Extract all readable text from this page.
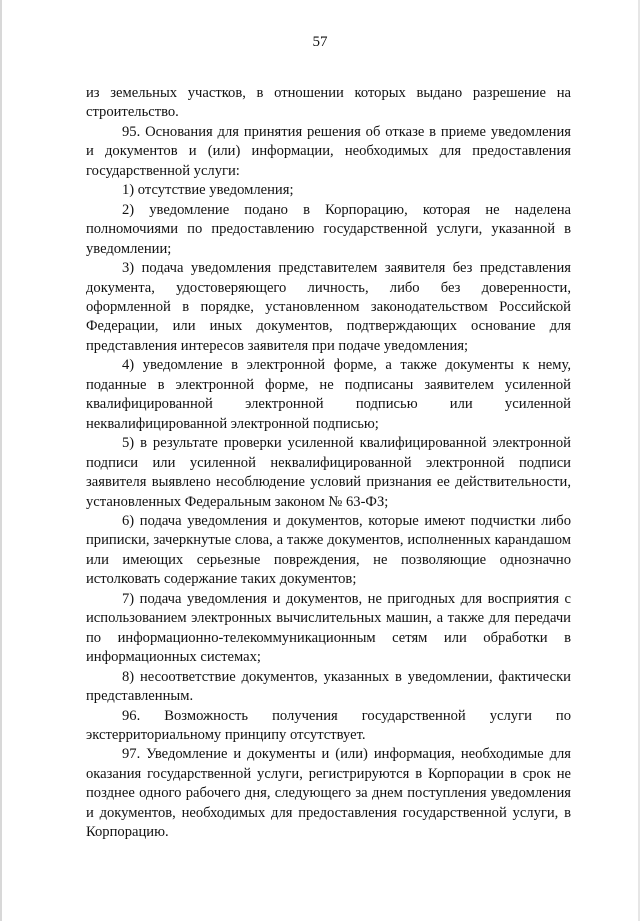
57

из земельных участков, в отношении которых выдано разрешение на строительство.

95. Основания для принятия решения об отказе в приеме уведомления и документов и (или) информации, необходимых для предоставления государственной услуги:

1) отсутствие уведомления;

2) уведомление подано в Корпорацию, которая не наделена полномочиями по предоставлению государственной услуги, указанной в уведомлении;

3) подача уведомления представителем заявителя без представления документа, удостоверяющего личность, либо без доверенности, оформленной в порядке, установленном законодательством Российской Федерации, или иных документов, подтверждающих основание для представления интересов заявителя при подаче уведомления;

4) уведомление в электронной форме, а также документы к нему, поданные в электронной форме, не подписаны заявителем усиленной квалифицированной электронной подписью или усиленной неквалифицированной электронной подписью;

5) в результате проверки усиленной квалифицированной электронной подписи или усиленной неквалифицированной электронной подписи заявителя выявлено несоблюдение условий признания ее действительности, установленных Федеральным законом № 63-ФЗ;

6) подача уведомления и документов, которые имеют подчистки либо приписки, зачеркнутые слова, а также документов, исполненных карандашом или имеющих серьезные повреждения, не позволяющие однозначно истолковать содержание таких документов;

7) подача уведомления и документов, не пригодных для восприятия с использованием электронных вычислительных машин, а также для передачи по информационно-телекоммуникационным сетям или обработки в информационных системах;

8) несоответствие документов, указанных в уведомлении, фактически представленным.

96. Возможность получения государственной услуги по экстерриториальному принципу отсутствует.

97. Уведомление и документы и (или) информация, необходимые для оказания государственной услуги, регистрируются в Корпорации в срок не позднее одного рабочего дня, следующего за днем поступления уведомления и документов, необходимых для предоставления государственной услуги, в Корпорацию.
